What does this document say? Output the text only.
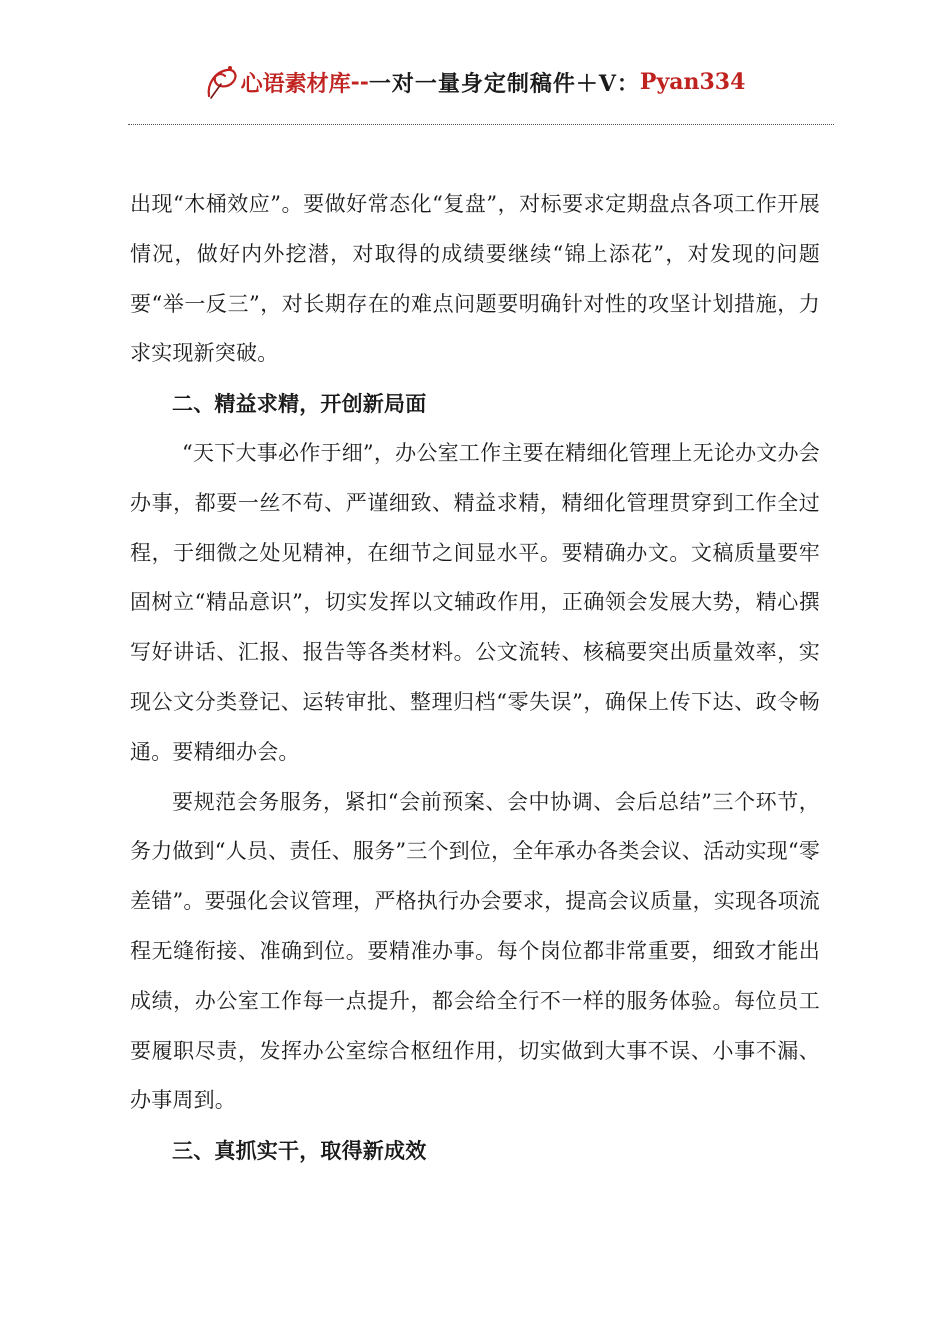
心语素材库 -- 一对一量身定制稿件＋V： Pyan334

出现“木桶效应”。要做好常态化“复盘”，对标要求定期盘点各项工作开展情况，做好内外挖潜，对取得的成绩要继续“锦上添花”，对发现的问题要“举一反三”，对长期存在的难点问题要明确针对性的攻坚计划措施，力求实现新突破。

二、精益求精，开创新局面

“天下大事必作于细”，办公室工作主要在精细化管理上无论办文办会办事，都要一丝不苟、严谨细致、精益求精，精细化管理贯穿到工作全过程，于细微之处见精神，在细节之间显水平。要精确办文。文稿质量要牢固树立“精品意识”，切实发挥以文辅政作用，正确领会发展大势，精心撰写好讲话、汇报、报告等各类材料。公文流转、核稿要突出质量效率，实现公文分类登记、运转审批、整理归档“零失误”，确保上传下达、政令畅通。要精细办会。

要规范会务服务，紧扣“会前预案、会中协调、会后总结”三个环节，务力做到“人员、责任、服务”三个到位，全年承办各类会议、活动实现“零差错”。要强化会议管理，严格执行办会要求，提高会议质量，实现各项流程无缝衔接、准确到位。要精准办事。每个岗位都非常重要，细致才能出成绩，办公室工作每一点提升，都会给全行不一样的服务体验。每位员工要履职尽责，发挥办公室综合枢纽作用，切实做到大事不误、小事不漏、办事周到。

三、真抓实干，取得新成效
